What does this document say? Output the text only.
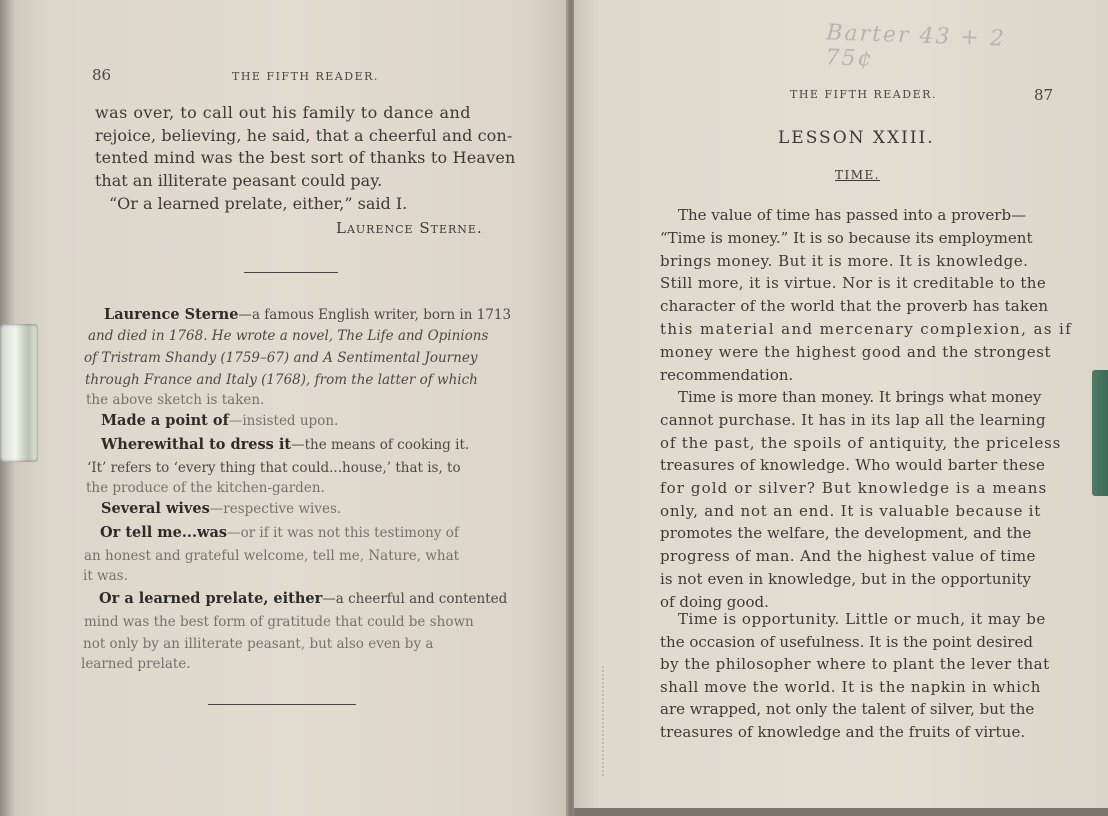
86	THE FIFTH READER.
was over, to call out his family to dance and
rejoice, believing, he said, that a cheerful and con-
tented mind was the best sort of thanks to Heaven
that an illiterate peasant could pay.
“Or a learned prelate, either,” said I.
Laurence Sterne.
Laurence Sterne—a famous English writer, born in 1713
and died in 1768. He wrote a novel, The Life and Opinions
of Tristram Shandy (1759–67) and A Sentimental Journey
through France and Italy (1768), from the latter of which
the above sketch is taken.
Made a point of—insisted upon.
Wherewithal to dress it—the means of cooking it.
‘It’ refers to ‘every thing that could...house,’ that is, to
the produce of the kitchen-garden.
Several wives—respective wives.
Or tell me...was—or if it was not this testimony of
an honest and grateful welcome, tell me, Nature, what
it was.
Or a learned prelate, either—a cheerful and contented
mind was the best form of gratitude that could be shown
not only by an illiterate peasant, but also even by a
learned prelate.
Barter 43 + 2 75¢
THE FIFTH READER.	87
LESSON XXIII.
TIME.
The value of time has passed into a proverb—
“Time is money.” It is so because its employment
brings money. But it is more. It is knowledge.
Still more, it is virtue. Nor is it creditable to the
character of the world that the proverb has taken
this material and mercenary complexion, as if
money were the highest good and the strongest
recommendation.
Time is more than money. It brings what money
cannot purchase. It has in its lap all the learning
of the past, the spoils of antiquity, the priceless
treasures of knowledge. Who would barter these
for gold or silver? But knowledge is a means
only, and not an end. It is valuable because it
promotes the welfare, the development, and the
progress of man. And the highest value of time
is not even in knowledge, but in the opportunity
of doing good.
Time is opportunity. Little or much, it may be
the occasion of usefulness. It is the point desired
by the philosopher where to plant the lever that
shall move the world. It is the napkin in which
are wrapped, not only the talent of silver, but the
treasures of knowledge and the fruits of virtue.
